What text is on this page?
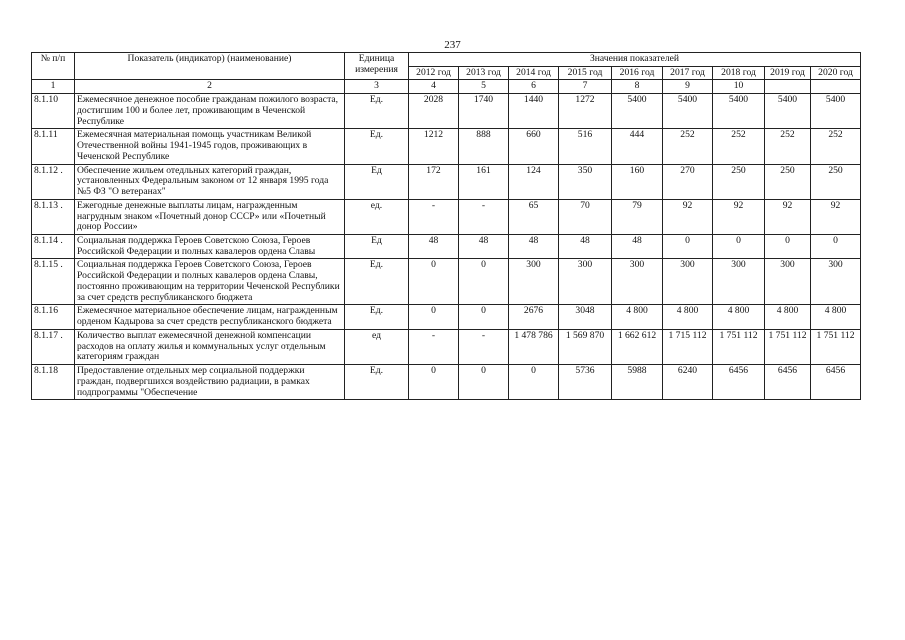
237
№ п/п	Показатель (индикатор) (наименование)	Единица измерения	Значения показателей								
			2012 год	2013 год	2014 год	2015 год	2016 год	2017 год	2018 год	2019 год	2020 год
1	2	3	4	5	6	7	8	9	10		
8.1.10	Ежемесячное денежное пособие гражданам пожилого возраста, достигшим 100 и более лет, проживающим в Чеченской Республике	Ед.	2028	1740	1440	1272	5400	5400	5400	5400	5400
8.1.11	Ежемесячная материальная помощь участникам Великой Отечественной войны 1941-1945 годов, проживающих в Чеченской Республике	Ед.	1212	888	660	516	444	252	252	252	252
8.1.12 .	Обеспечение жильем отедльных категорий граждан, установленных Федеральным законом от 12 января 1995 года №5 ФЗ "О ветеранах"	Ед	172	161	124	350	160	270	250	250	250
8.1.13 .	Ежегодные денежные выплаты лицам, награжденным нагрудным знаком «Почетный донор СССР» или «Почетный донор России»	ед.	-	-	65	70	79	92	92	92	92
8.1.14 .	Социальная поддержка Героев Советскою Союза, Героев Российской Федерации и полных кавалеров ордена Славы	Ед	48	48	48	48	48	0	0	0	0
8.1.15 .	Социальная поддержка Героев Советского Союза, Героев Российской Федерации и полных кавалеров ордена Славы, постоянно проживающим на территории Чеченской Республики за счет средств республиканского бюджета	Ед.	0	0	300	300	300	300	300	300	300
8.1.16	Ежемесячное материальное обеспечение лицам, награжденным орденом Кадырова за счет средств республиканского бюджета	Ед.	0	0	2676	3048	4 800	4 800	4 800	4 800	4 800
8.1.17 .	Количество выплат ежемесячной денежной компенсации расходов на оплату жилья и коммунальных услуг отдельным категориям граждан	ед	-	-	1 478 786	1 569 870	1 662 612	1 715 112	1 751 112	1 751 112	1 751 112
8.1.18	Предоставление отдельных мер социальной поддержки граждан, подвергшихся воздействию радиации, в рамках подпрограммы "Обеспечение	Ед.	0	0	0	5736	5988	6240	6456	6456	6456
